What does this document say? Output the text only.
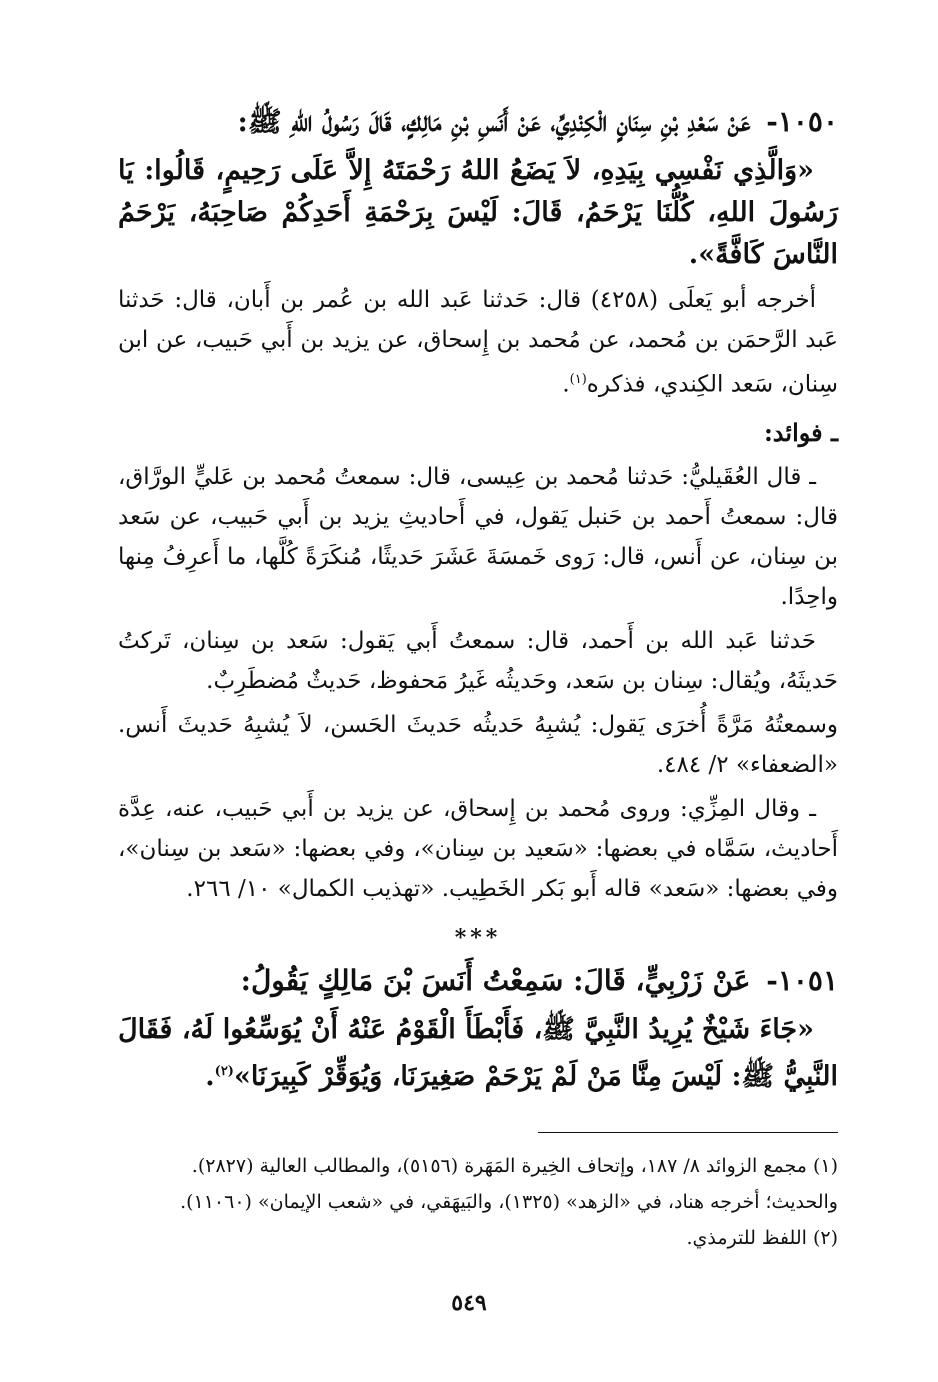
١٠٥٠- عَنْ سَعْدِ بْنِ سِنَانٍ الْكِنْدِيِّ، عَنْ أَنَسِ بْنِ مَالِكٍ، قَالَ رَسُولُ اللهِ ﷺ:

«وَالَّذِي نَفْسِي بِيَدِهِ، لاَ يَضَعُ اللهُ رَحْمَتَهُ إِلاَّ عَلَى رَحِيمٍ، قَالُوا: يَا رَسُولَ اللهِ، كُلُّنَا يَرْحَمُ، قَالَ: لَيْسَ بِرَحْمَةِ أَحَدِكُمْ صَاحِبَهُ، يَرْحَمُ النَّاسَ كَافَّةً».

أخرجه أبو يَعلَى (٤٢٥٨) قال: حَدثنا عَبد الله بن عُمر بن أَبان، قال: حَدثنا عَبد الرَّحمَن بن مُحمد، عن مُحمد بن إِسحاق، عن يزيد بن أَبي حَبيب، عن ابن سِنان، سَعد الكِندي، فذكره$^{(١)}$.

ـ فوائد:

ـ قال العُقَيليُّ: حَدثنا مُحمد بن عِيسى، قال: سمعتُ مُحمد بن عَليٍّ الورَّاق، قال: سمعتُ أَحمد بن حَنبل يَقول، في أَحاديثِ يزيد بن أَبي حَبيب، عن سَعد بن سِنان، عن أَنس، قال: رَوى خَمسَةَ عَشَرَ حَديثًا، مُنكَرَةً كُلَّها، ما أَعرِفُ مِنها واحِدًا.

حَدثنا عَبد الله بن أَحمد، قال: سمعتُ أَبي يَقول: سَعد بن سِنان، تَركتُ حَديثَهُ، ويُقال: سِنان بن سَعد، وحَديثُه غَيرُ مَحفوظ، حَديثٌ مُضطَرِبٌ.

وسمعتُهُ مَرَّةً أُخرَى يَقول: يُشبِهُ حَديثُه حَديثَ الحَسن، لاَ يُشبِهُ حَديثَ أَنس. «الضعفاء» ٢/ ٤٨٤.

ـ وقال المِزِّي: وروى مُحمد بن إِسحاق، عن يزيد بن أَبي حَبيب، عنه، عِدَّة أَحاديث، سَمَّاه في بعضها: «سَعيد بن سِنان»، وفي بعضها: «سَعد بن سِنان»، وفي بعضها: «سَعد» قاله أَبو بَكر الخَطِيب. «تهذيب الكمال» ١٠/ ٢٦٦.

***

١٠٥١- عَنْ زَرْبِيٍّ، قَالَ: سَمِعْتُ أَنَسَ بْنَ مَالِكٍ يَقُولُ:

«جَاءَ شَيْخٌ يُرِيدُ النَّبِيَّ ﷺ، فَأَبْطَأَ الْقَوْمُ عَنْهُ أَنْ يُوَسِّعُوا لَهُ، فَقَالَ النَّبِيُّ ﷺ: لَيْسَ مِنَّا مَنْ لَمْ يَرْحَمْ صَغِيرَنَا، وَيُوَقِّرْ كَبِيرَنَا»$^{(٢)}$.

(١) مجمع الزوائد ٨/ ١٨٧، وإتحاف الخِيرة المَهَرة (٥١٥٦)، والمطالب العالية (٢٨٢٧).

والحديث؛ أخرجه هناد، في «الزهد» (١٣٢٥)، والبَيهَقي، في «شعب الإيمان» (١١٠٦٠).

(٢) اللفظ للترمذي.

٥٤٩
